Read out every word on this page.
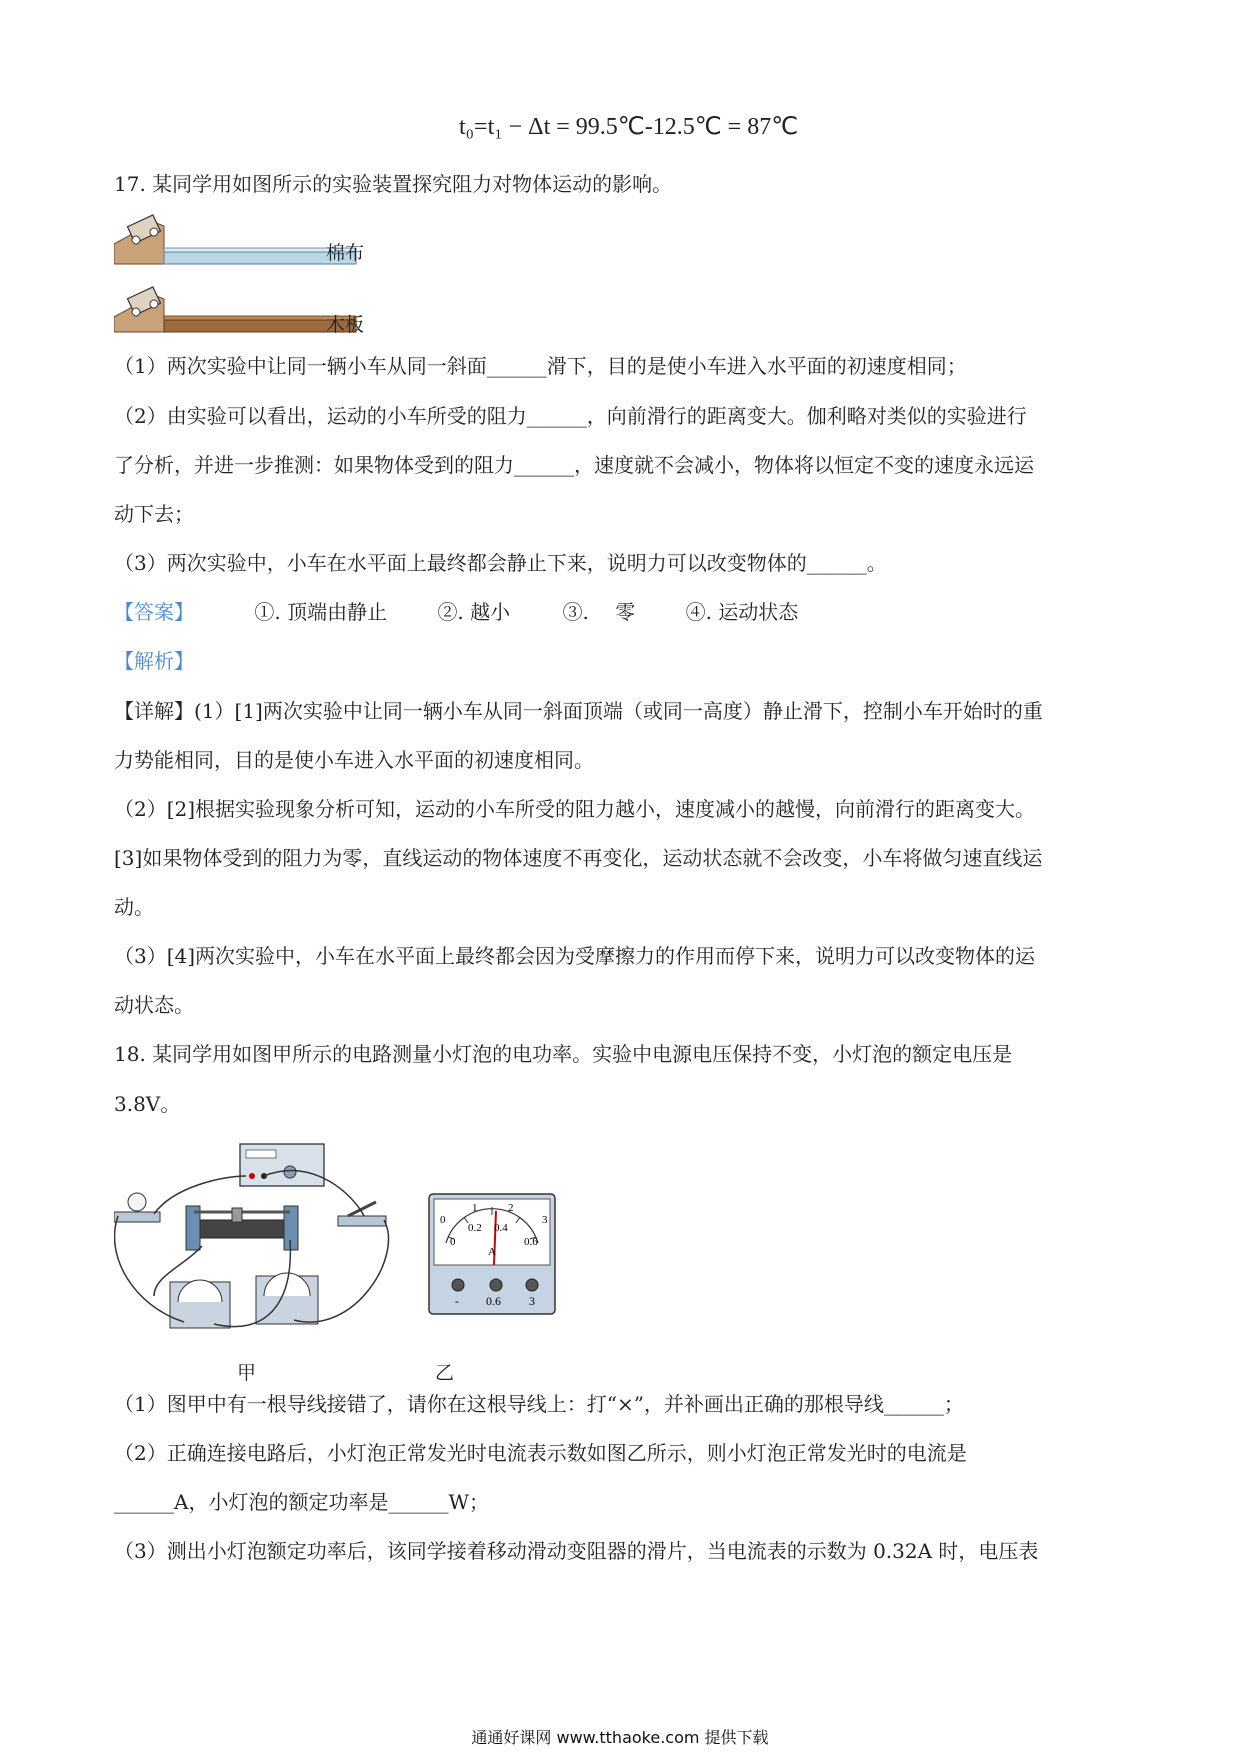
t₀=t₁ − Δt = 99.5℃-12.5℃ = 87℃
17. 某同学用如图所示的实验装置探究阻力对物体运动的影响。
棉布
木板
（1）两次实验中让同一辆小车从同一斜面______滑下，目的是使小车进入水平面的初速度相同；
（2）由实验可以看出，运动的小车所受的阻力______，向前滑行的距离变大。伽利略对类似的实验进行
了分析，并进一步推测：如果物体受到的阻力______，速度就不会减小，物体将以恒定不变的速度永远运
动下去；
（3）两次实验中，小车在水平面上最终都会静止下来，说明力可以改变物体的______。
【答案】	①. 顶端由静止	②. 越小	③.　 零	④. 运动状态
【解析】
【详解】(1）[1]两次实验中让同一辆小车从同一斜面顶端（或同一高度）静止滑下，控制小车开始时的重
力势能相同，目的是使小车进入水平面的初速度相同。
（2）[2]根据实验现象分析可知，运动的小车所受的阻力越小，速度减小的越慢，向前滑行的距离变大。
[3]如果物体受到的阻力为零，直线运动的物体速度不再变化，运动状态就不会改变，小车将做匀速直线运
动。
（3）[4]两次实验中，小车在水平面上最终都会因为受摩擦力的作用而停下来，说明力可以改变物体的运
动状态。
18. 某同学用如图甲所示的电路测量小灯泡的电功率。实验中电源电压保持不变，小灯泡的额定电压是
3.8V。
甲	乙
0
1	2
3
0
0.2 0.4
0.6
A
- 0.6 3
（1）图甲中有一根导线接错了，请你在这根导线上：打“×”，并补画出正确的那根导线______；
（2）正确连接电路后，小灯泡正常发光时电流表示数如图乙所示，则小灯泡正常发光时的电流是
______A，小灯泡的额定功率是______W；
（3）测出小灯泡额定功率后，该同学接着移动滑动变阻器的滑片，当电流表的示数为 0.32A 时，电压表
通通好课网 www.tthaoke.com 提供下载
